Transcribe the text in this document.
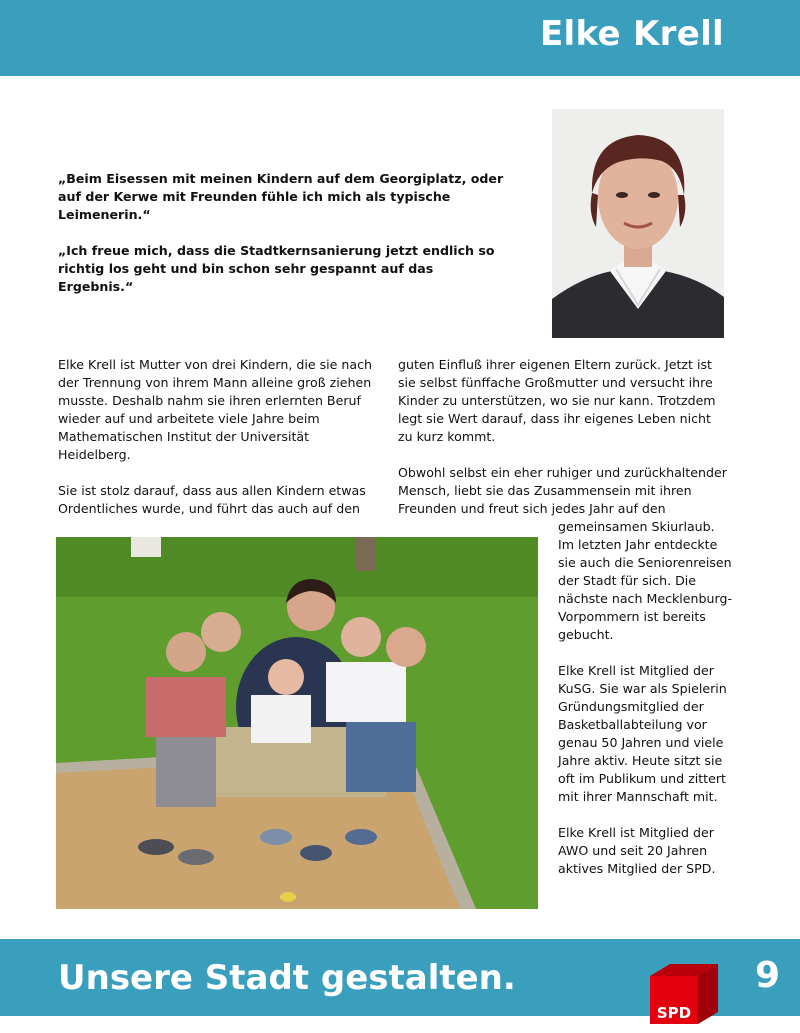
Elke Krell

„Beim Eisessen mit meinen Kindern auf dem Georgiplatz, oder auf der Kerwe mit Freunden fühle ich mich als typische Leimenerin.“

„Ich freue mich, dass die Stadtkernsanierung jetzt endlich so richtig los geht und bin schon sehr gespannt auf das Ergebnis.“

Elke Krell ist Mutter von drei Kindern, die sie nach der Trennung von ihrem Mann alleine groß ziehen musste. Deshalb nahm sie ihren erlernten Beruf wieder auf und arbeitete viele Jahre beim Mathematischen Institut der Universität Heidelberg.

Sie ist stolz darauf, dass aus allen Kindern etwas Ordentliches wurde, und führt das auch auf den

guten Einfluß ihrer eigenen Eltern zurück. Jetzt ist sie selbst fünffache Großmutter und versucht ihre Kinder zu unterstützen, wo sie nur kann. Trotzdem legt sie Wert darauf, dass ihr eigenes Leben nicht zu kurz kommt.

Obwohl selbst ein eher ruhiger und zurückhaltender Mensch, liebt sie das Zusammensein mit ihren Freunden und freut sich jedes Jahr auf den

gemeinsamen Skiurlaub. Im letzten Jahr entdeckte sie auch die Seniorenreisen der Stadt für sich. Die nächste nach Mecklenburg-Vorpommern ist bereits gebucht.

Elke Krell ist Mitglied der KuSG. Sie war als Spielerin Gründungsmitglied der Basketballabteilung vor genau 50 Jahren und viele Jahre aktiv. Heute sitzt sie oft im Publikum und zittert mit ihrer Mannschaft mit.

Elke Krell ist Mitglied der AWO und seit 20 Jahren aktives Mitglied der SPD.

Unsere Stadt gestalten.
SPD
9
